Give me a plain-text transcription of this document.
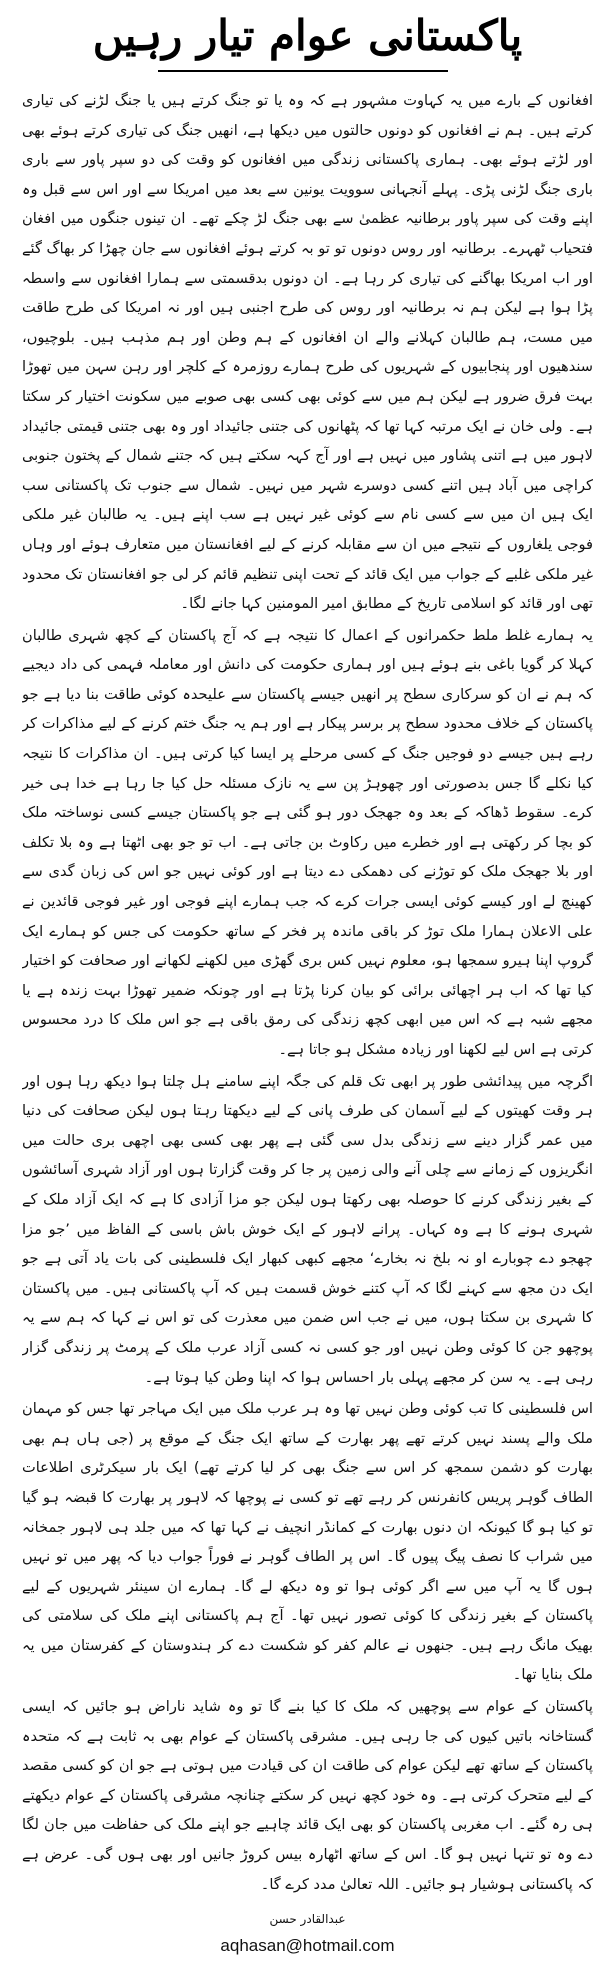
پاکستانی عوام تیار رہیں

افغانوں کے بارے میں یہ کہاوت مشہور ہے کہ وہ یا تو جنگ کرتے ہیں یا جنگ لڑنے کی تیاری کرتے ہیں۔ ہم نے افغانوں کو دونوں حالتوں میں دیکھا ہے، انھیں جنگ کی تیاری کرتے ہوئے بھی اور لڑتے ہوئے بھی۔ ہماری پاکستانی زندگی میں افغانوں کو وقت کی دو سپر پاور سے باری باری جنگ لڑنی پڑی۔ پہلے آنجہانی سوویت یونین سے بعد میں امریکا سے اور اس سے قبل وہ اپنے وقت کی سپر پاور برطانیہ عظمیٰ سے بھی جنگ لڑ چکے تھے۔ ان تینوں جنگوں میں افغان فتحیاب ٹھہرے۔ برطانیہ اور روس دونوں تو تو بہ کرتے ہوئے افغانوں سے جان چھڑا کر بھاگ گئے اور اب امریکا بھاگنے کی تیاری کر رہا ہے۔ ان دونوں بدقسمتی سے ہمارا افغانوں سے واسطہ پڑا ہوا ہے لیکن ہم نہ برطانیہ اور روس کی طرح اجنبی ہیں اور نہ امریکا کی طرح طاقت میں مست، ہم طالبان کہلانے والے ان افغانوں کے ہم وطن اور ہم مذہب ہیں۔ بلوچیوں، سندھیوں اور پنجابیوں کے شہریوں کی طرح ہمارے روزمرہ کے کلچر اور رہن سہن میں تھوڑا بہت فرق ضرور ہے لیکن ہم میں سے کوئی بھی کسی بھی صوبے میں سکونت اختیار کر سکتا ہے۔ ولی خان نے ایک مرتبہ کہا تھا کہ پٹھانوں کی جتنی جائیداد اور وہ بھی جتنی قیمتی جائیداد لاہور میں ہے اتنی پشاور میں نہیں ہے اور آج کہہ سکتے ہیں کہ جتنے شمال کے پختون جنوبی کراچی میں آباد ہیں اتنے کسی دوسرے شہر میں نہیں۔ شمال سے جنوب تک پاکستانی سب ایک ہیں ان میں سے کسی نام سے کوئی غیر نہیں ہے سب اپنے ہیں۔ یہ طالبان غیر ملکی فوجی یلغاروں کے نتیجے میں ان سے مقابلہ کرنے کے لیے افغانستان میں متعارف ہوئے اور وہاں غیر ملکی غلبے کے جواب میں ایک قائد کے تحت اپنی تنظیم قائم کر لی جو افغانستان تک محدود تھی اور قائد کو اسلامی تاریخ کے مطابق امیر المومنین کہا جانے لگا۔

یہ ہمارے غلط ملط حکمرانوں کے اعمال کا نتیجہ ہے کہ آج پاکستان کے کچھ شہری طالبان کہلا کر گویا باغی بنے ہوئے ہیں اور ہماری حکومت کی دانش اور معاملہ فہمی کی داد دیجیے کہ ہم نے ان کو سرکاری سطح پر انھیں جیسے پاکستان سے علیحدہ کوئی طاقت بنا دیا ہے جو پاکستان کے خلاف محدود سطح پر برسر پیکار ہے اور ہم یہ جنگ ختم کرنے کے لیے مذاکرات کر رہے ہیں جیسے دو فوجیں جنگ کے کسی مرحلے پر ایسا کیا کرتی ہیں۔ ان مذاکرات کا نتیجہ کیا نکلے گا جس بدصورتی اور چھوہڑ پن سے یہ نازک مسئلہ حل کیا جا رہا ہے خدا ہی خیر کرے۔ سقوط ڈھاکہ کے بعد وہ جھجک دور ہو گئی ہے جو پاکستان جیسے کسی نوساختہ ملک کو بچا کر رکھتی ہے اور خطرے میں رکاوٹ بن جاتی ہے۔ اب تو جو بھی اٹھتا ہے وہ بلا تکلف اور بلا جھجک ملک کو توڑنے کی دھمکی دے دیتا ہے اور کوئی نہیں جو اس کی زبان گدی سے کھینچ لے اور کیسے کوئی ایسی جرات کرے کہ جب ہمارے اپنے فوجی اور غیر فوجی قائدین نے علی الاعلان ہمارا ملک توڑ کر باقی ماندہ پر فخر کے ساتھ حکومت کی جس کو ہمارے ایک گروپ اپنا ہیرو سمجھا ہو، معلوم نہیں کس بری گھڑی میں لکھنے لکھانے اور صحافت کو اختیار کیا تھا کہ اب ہر اچھائی برائی کو بیان کرنا پڑتا ہے اور چونکہ ضمیر تھوڑا بہت زندہ ہے یا مجھے شبہ ہے کہ اس میں ابھی کچھ زندگی کی رمق باقی ہے جو اس ملک کا درد محسوس کرتی ہے اس لیے لکھنا اور زیادہ مشکل ہو جاتا ہے۔

اگرچہ میں پیدائشی طور پر ابھی تک قلم کی جگہ اپنے سامنے ہل چلتا ہوا دیکھ رہا ہوں اور ہر وقت کھیتوں کے لیے آسمان کی طرف پانی کے لیے دیکھتا رہتا ہوں لیکن صحافت کی دنیا میں عمر گزار دینے سے زندگی بدل سی گئی ہے پھر بھی کسی بھی اچھی بری حالت میں انگریزوں کے زمانے سے چلی آنے والی زمین پر جا کر وقت گزارتا ہوں اور آزاد شہری آسائشوں کے بغیر زندگی کرنے کا حوصلہ بھی رکھتا ہوں لیکن جو مزا آزادی کا ہے کہ ایک آزاد ملک کے شہری ہونے کا ہے وہ کہاں۔ پرانے لاہور کے ایک خوش باش باسی کے الفاظ میں ’جو مزا چھجو دے چوبارے او نہ بلخ نہ بخارے‘ مجھے کبھی کبھار ایک فلسطینی کی بات یاد آتی ہے جو ایک دن مجھ سے کہنے لگا کہ آپ کتنے خوش قسمت ہیں کہ آپ پاکستانی ہیں۔ میں پاکستان کا شہری بن سکتا ہوں، میں نے جب اس ضمن میں معذرت کی تو اس نے کہا کہ ہم سے یہ پوچھو جن کا کوئی وطن نہیں اور جو کسی نہ کسی آزاد عرب ملک کے پرمٹ پر زندگی گزار رہی ہے۔ یہ سن کر مجھے پہلی بار احساس ہوا کہ اپنا وطن کیا ہوتا ہے۔

اس فلسطینی کا تب کوئی وطن نہیں تھا وہ ہر عرب ملک میں ایک مہاجر تھا جس کو مہمان ملک والے پسند نہیں کرتے تھے پھر بھارت کے ساتھ ایک جنگ کے موقع پر (جی ہاں ہم بھی بھارت کو دشمن سمجھ کر اس سے جنگ بھی کر لیا کرتے تھے) ایک بار سیکرٹری اطلاعات الطاف گوہر پریس کانفرنس کر رہے تھے تو کسی نے پوچھا کہ لاہور پر بھارت کا قبضہ ہو گیا تو کیا ہو گا کیونکہ ان دنوں بھارت کے کمانڈر انچیف نے کہا تھا کہ میں جلد ہی لاہور جمخانہ میں شراب کا نصف پیگ پیوں گا۔ اس پر الطاف گوہر نے فوراً جواب دیا کہ پھر میں تو نہیں ہوں گا یہ آپ میں سے اگر کوئی ہوا تو وہ دیکھ لے گا۔ ہمارے ان سینئر شہریوں کے لیے پاکستان کے بغیر زندگی کا کوئی تصور نہیں تھا۔ آج ہم پاکستانی اپنے ملک کی سلامتی کی بھیک مانگ رہے ہیں۔ جنھوں نے عالم کفر کو شکست دے کر ہندوستان کے کفرستان میں یہ ملک بنایا تھا۔

پاکستان کے عوام سے پوچھیں کہ ملک کا کیا بنے گا تو وہ شاید ناراض ہو جائیں کہ ایسی گستاخانہ باتیں کیوں کی جا رہی ہیں۔ مشرقی پاکستان کے عوام بھی بہ ثابت ہے کہ متحدہ پاکستان کے ساتھ تھے لیکن عوام کی طاقت ان کی قیادت میں ہوتی ہے جو ان کو کسی مقصد کے لیے متحرک کرتی ہے۔ وہ خود کچھ نہیں کر سکتے چنانچہ مشرقی پاکستان کے عوام دیکھتے ہی رہ گئے۔ اب مغربی پاکستان کو بھی ایک قائد چاہیے جو اپنے ملک کی حفاظت میں جان لگا دے وہ تو تنہا نہیں ہو گا۔ اس کے ساتھ اٹھارہ بیس کروڑ جانیں اور بھی ہوں گی۔ عرض ہے کہ پاکستانی ہوشیار ہو جائیں۔ اللہ تعالیٰ مدد کرے گا۔

عبدالقادر حسن
aqhasan@hotmail.com
